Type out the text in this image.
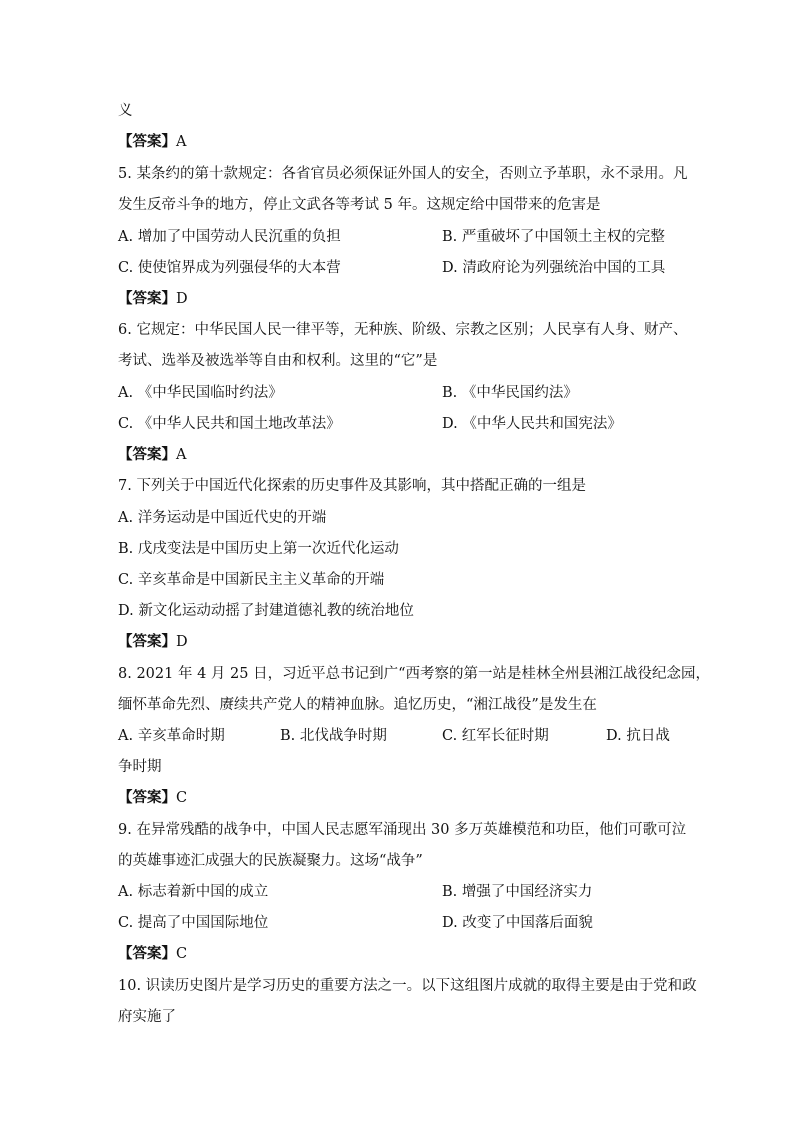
义
【答案】A
5. 某条约的第十款规定：各省官员必须保证外国人的安全，否则立予革职，永不录用。凡
发生反帝斗争的地方，停止文武各等考试 5 年。这规定给中国带来的危害是
A. 增加了中国劳动人民沉重的负担	B. 严重破坏了中国领土主权的完整
C. 使使馆界成为列强侵华的大本营	D. 清政府论为列强统治中国的工具
【答案】D
6. 它规定：中华民国人民一律平等，无种族、阶级、宗教之区别；人民享有人身、财产、
考试、选举及被选举等自由和权利。这里的“它”是
A. 《中华民国临时约法》	B. 《中华民国约法》
C. 《中华人民共和国土地改革法》	D. 《中华人民共和国宪法》
【答案】A
7. 下列关于中国近代化探索的历史事件及其影响，其中搭配正确的一组是
A. 洋务运动是中国近代史的开端
B. 戊戌变法是中国历史上第一次近代化运动
C. 辛亥革命是中国新民主主义革命的开端
D. 新文化运动动摇了封建道德礼教的统治地位
【答案】D
8. 2021 年 4 月 25 日，习近平总书记到广“西考察的第一站是桂林全州县湘江战役纪念园，
缅怀革命先烈、赓续共产党人的精神血脉。追忆历史，“湘江战役”是发生在
A. 辛亥革命时期	B. 北伐战争时期	C. 红军长征时期	D. 抗日战
争时期
【答案】C
9. 在异常残酷的战争中，中国人民志愿军涌现出 30 多万英雄模范和功臣，他们可歌可泣
的英雄事迹汇成强大的民族凝聚力。这场“战争”
A. 标志着新中国的成立	B. 增强了中国经济实力
C. 提高了中国国际地位	D. 改变了中国落后面貌
【答案】C
10. 识读历史图片是学习历史的重要方法之一。以下这组图片成就的取得主要是由于党和政
府实施了
